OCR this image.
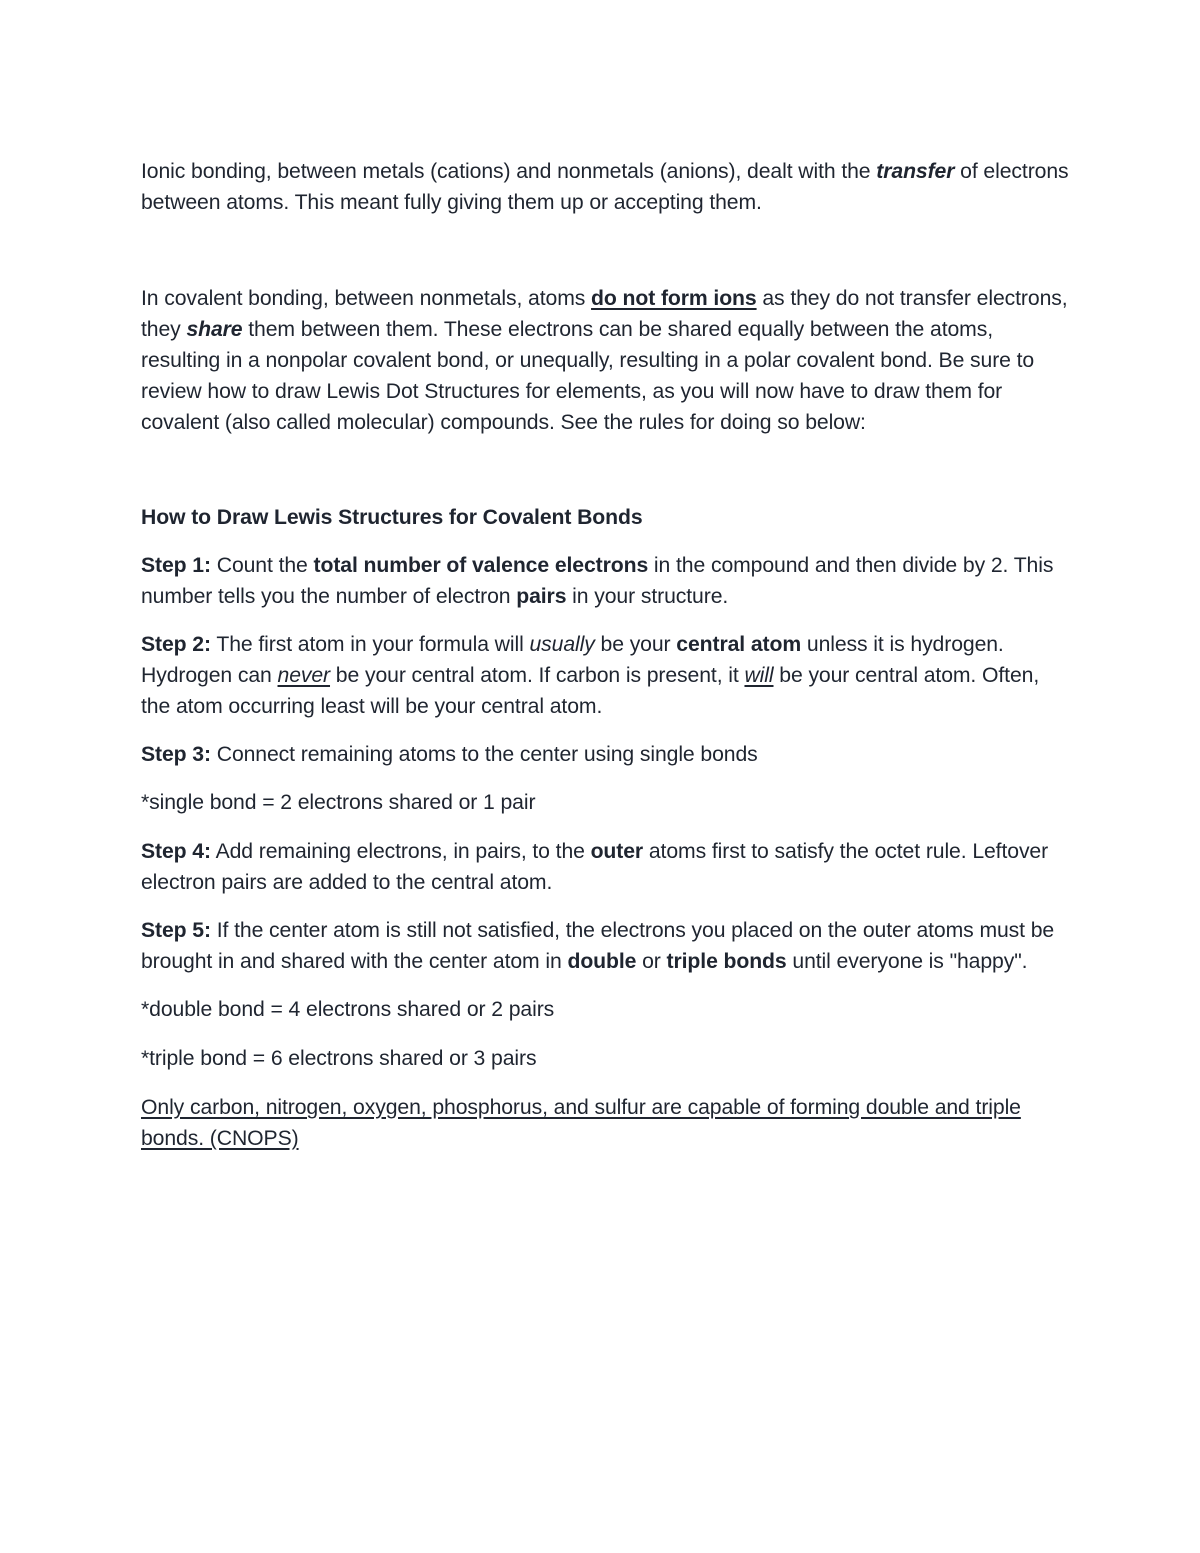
Ionic bonding, between metals (cations) and nonmetals (anions), dealt with the transfer of electrons between atoms. This meant fully giving them up or accepting them.

In covalent bonding, between nonmetals, atoms do not form ions as they do not transfer electrons, they share them between them. These electrons can be shared equally between the atoms, resulting in a nonpolar covalent bond, or unequally, resulting in a polar covalent bond. Be sure to review how to draw Lewis Dot Structures for elements, as you will now have to draw them for covalent (also called molecular) compounds. See the rules for doing so below:

How to Draw Lewis Structures for Covalent Bonds

Step 1: Count the total number of valence electrons in the compound and then divide by 2. This number tells you the number of electron pairs in your structure.

Step 2: The first atom in your formula will usually be your central atom unless it is hydrogen. Hydrogen can never be your central atom. If carbon is present, it will be your central atom. Often, the atom occurring least will be your central atom.

Step 3: Connect remaining atoms to the center using single bonds

*single bond = 2 electrons shared or 1 pair

Step 4: Add remaining electrons, in pairs, to the outer atoms first to satisfy the octet rule. Leftover electron pairs are added to the central atom.

Step 5: If the center atom is still not satisfied, the electrons you placed on the outer atoms must be brought in and shared with the center atom in double or triple bonds until everyone is "happy".

*double bond = 4 electrons shared or 2 pairs

*triple bond = 6 electrons shared or 3 pairs

Only carbon, nitrogen, oxygen, phosphorus, and sulfur are capable of forming double and triple bonds. (CNOPS)
